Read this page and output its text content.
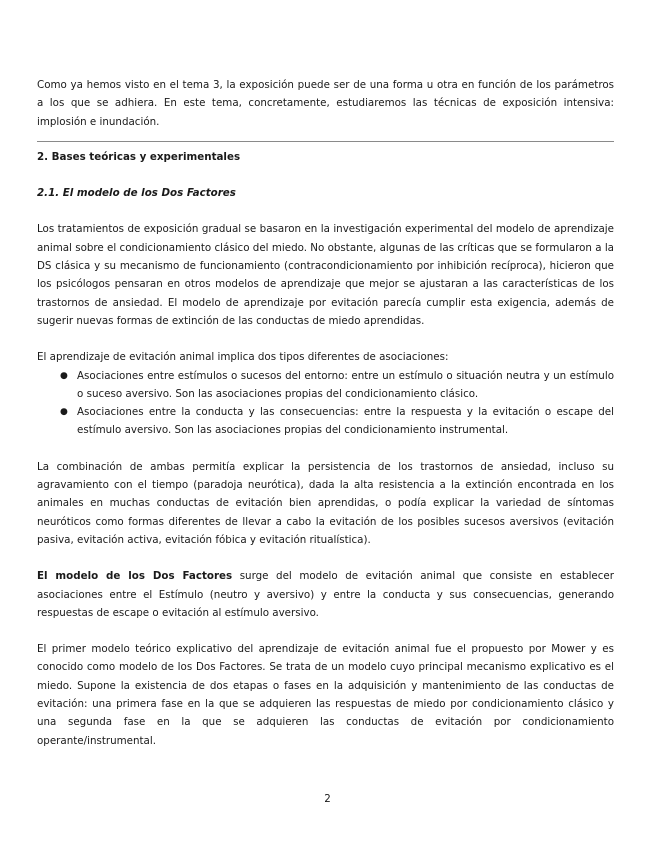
Como ya hemos visto en el tema 3, la exposición puede ser de una forma u otra en función de los parámetros a los que se adhiera. En este tema, concretamente, estudiaremos las técnicas de exposición intensiva: implosión e inundación.

2. Bases teóricas y experimentales

2.1. El modelo de los Dos Factores

Los tratamientos de exposición gradual se basaron en la investigación experimental del modelo de aprendizaje animal sobre el condicionamiento clásico del miedo. No obstante, algunas de las críticas que se formularon a la DS clásica y su mecanismo de funcionamiento (contracondicionamiento por inhibición recíproca), hicieron que los psicólogos pensaran en otros modelos de aprendizaje que mejor se ajustaran a las características de los trastornos de ansiedad. El modelo de aprendizaje por evitación parecía cumplir esta exigencia, además de sugerir nuevas formas de extinción de las conductas de miedo aprendidas.

El aprendizaje de evitación animal implica dos tipos diferentes de asociaciones:

● Asociaciones entre estímulos o sucesos del entorno: entre un estímulo o situación neutra y un estímulo o suceso aversivo. Son las asociaciones propias del condicionamiento clásico.
● Asociaciones entre la conducta y las consecuencias: entre la respuesta y la evitación o escape del estímulo aversivo. Son las asociaciones propias del condicionamiento instrumental.

La combinación de ambas permitía explicar la persistencia de los trastornos de ansiedad, incluso su agravamiento con el tiempo (paradoja neurótica), dada la alta resistencia a la extinción encontrada en los animales en muchas conductas de evitación bien aprendidas, o podía explicar la variedad de síntomas neuróticos como formas diferentes de llevar a cabo la evitación de los posibles sucesos aversivos (evitación pasiva, evitación activa, evitación fóbica y evitación ritualística).

El modelo de los Dos Factores surge del modelo de evitación animal que consiste en establecer asociaciones entre el Estímulo (neutro y aversivo) y entre la conducta y sus consecuencias, generando respuestas de escape o evitación al estímulo aversivo.

El primer modelo teórico explicativo del aprendizaje de evitación animal fue el propuesto por Mower y es conocido como modelo de los Dos Factores. Se trata de un modelo cuyo principal mecanismo explicativo es el miedo. Supone la existencia de dos etapas o fases en la adquisición y mantenimiento de las conductas de evitación: una primera fase en la que se adquieren las respuestas de miedo por condicionamiento clásico y una segunda fase en la que se adquieren las conductas de evitación por condicionamiento operante/instrumental.

2
